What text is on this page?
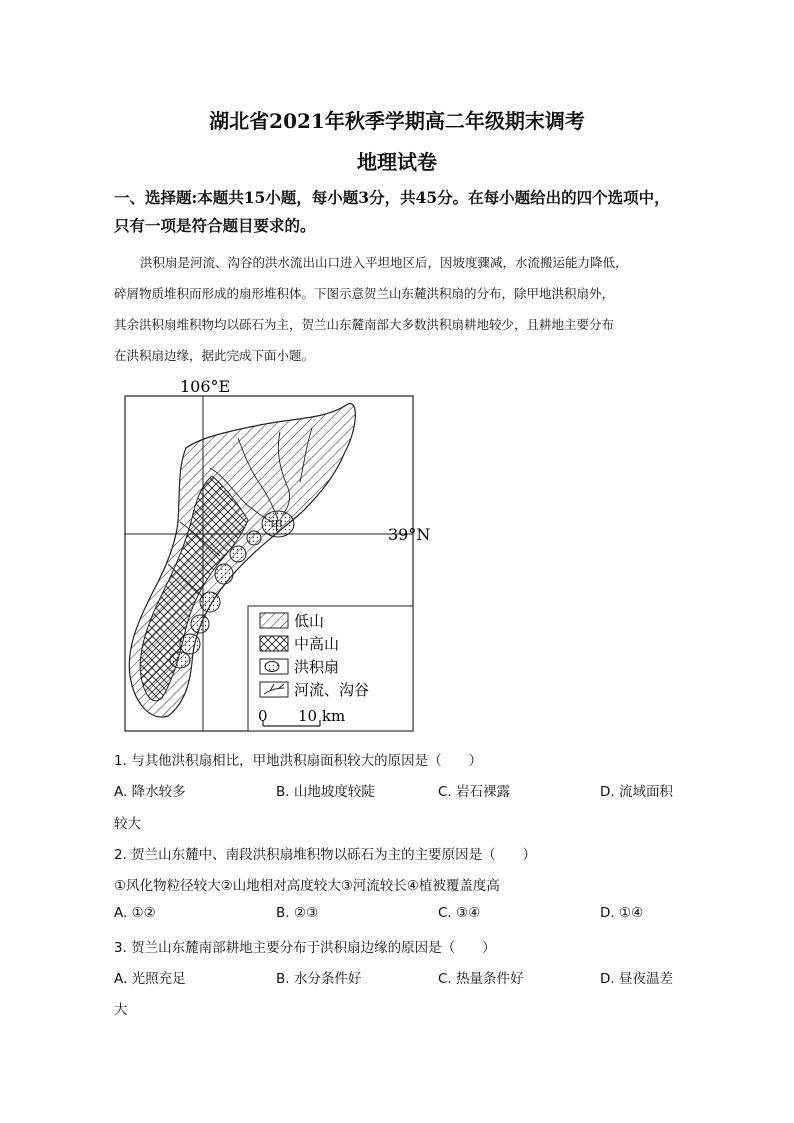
湖北省2021年秋季学期高二年级期末调考
地理试卷
一、选择题:本题共15小题，每小题3分，共45分。在每小题给出的四个选项中，
只有一项是符合题目要求的。
洪积扇是河流、沟谷的洪水流出山口进入平坦地区后，因坡度骤减，水流搬运能力降低，
碎屑物质堆积而形成的扇形堆积体。下图示意贺兰山东麓洪积扇的分布，除甲地洪积扇外，
其余洪积扇堆积物均以砾石为主，贺兰山东麓南部大多数洪积扇耕地较少，且耕地主要分布
在洪积扇边缘，据此完成下面小题。
106°E
39°N
甲
低山
中高山
洪积扇
河流、沟谷
0 10 km
1. 与其他洪积扇相比，甲地洪积扇面积较大的原因是（　　）
A. 降水较多	B. 山地坡度较陡	C. 岩石裸露	D. 流域面积
较大
2. 贺兰山东麓中、南段洪积扇堆积物以砾石为主的主要原因是（　　）
①风化物粒径较大②山地相对高度较大③河流较长④植被覆盖度高
A. ①②	B. ②③	C. ③④	D. ①④
3. 贺兰山东麓南部耕地主要分布于洪积扇边缘的原因是（　　）
A. 光照充足	B. 水分条件好	C. 热量条件好	D. 昼夜温差
大
